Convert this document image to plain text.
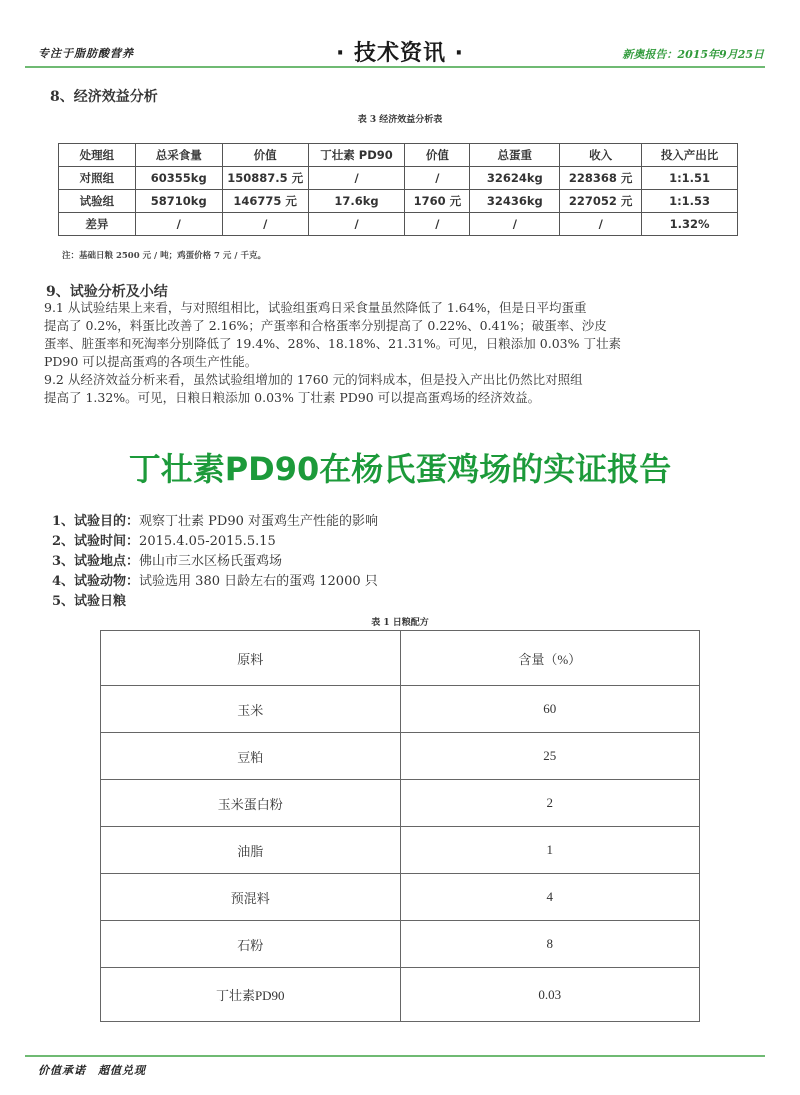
专注于脂肪酸营养	· 技术资讯 ·	新奥报告：2015年9月25日
8、经济效益分析
表 3 经济效益分析表
处理组	总采食量	价值	丁壮素 PD90	价值	总蛋重	收入	投入产出比
对照组	60355kg	150887.5 元	/	/	32624kg	228368 元	1:1.51
试验组	58710kg	146775 元	17.6kg	1760 元	32436kg	227052 元	1:1.53
差异	/	/	/	/	/	/	1.32%
注：基础日粮 2500 元 / 吨；鸡蛋价格 7 元 / 千克。
9、试验分析及小结
9.1 从试验结果上来看，与对照组相比，试验组蛋鸡日采食量虽然降低了 1.64%，但是日平均蛋重
提高了 0.2%，料蛋比改善了 2.16%；产蛋率和合格蛋率分别提高了 0.22%、0.41%；破蛋率、沙皮
蛋率、脏蛋率和死淘率分别降低了 19.4%、28%、18.18%、21.31%。可见，日粮添加 0.03% 丁壮素
PD90 可以提高蛋鸡的各项生产性能。
9.2 从经济效益分析来看，虽然试验组增加的 1760 元的饲料成本，但是投入产出比仍然比对照组
提高了 1.32%。可见，日粮日粮添加 0.03% 丁壮素 PD90 可以提高蛋鸡场的经济效益。
丁壮素PD90在杨氏蛋鸡场的实证报告
1、试验目的：观察丁壮素 PD90 对蛋鸡生产性能的影响
2、试验时间：2015.4.05-2015.5.15
3、试验地点：佛山市三水区杨氏蛋鸡场
4、试验动物：试验选用 380 日龄左右的蛋鸡 12000 只
5、试验日粮
表 1 日粮配方
原料	含量（%）
玉米	60
豆粕	25
玉米蛋白粉	2
油脂	1
预混料	4
石粉	8
丁壮素PD90	0.03
价值承诺　超值兑现
